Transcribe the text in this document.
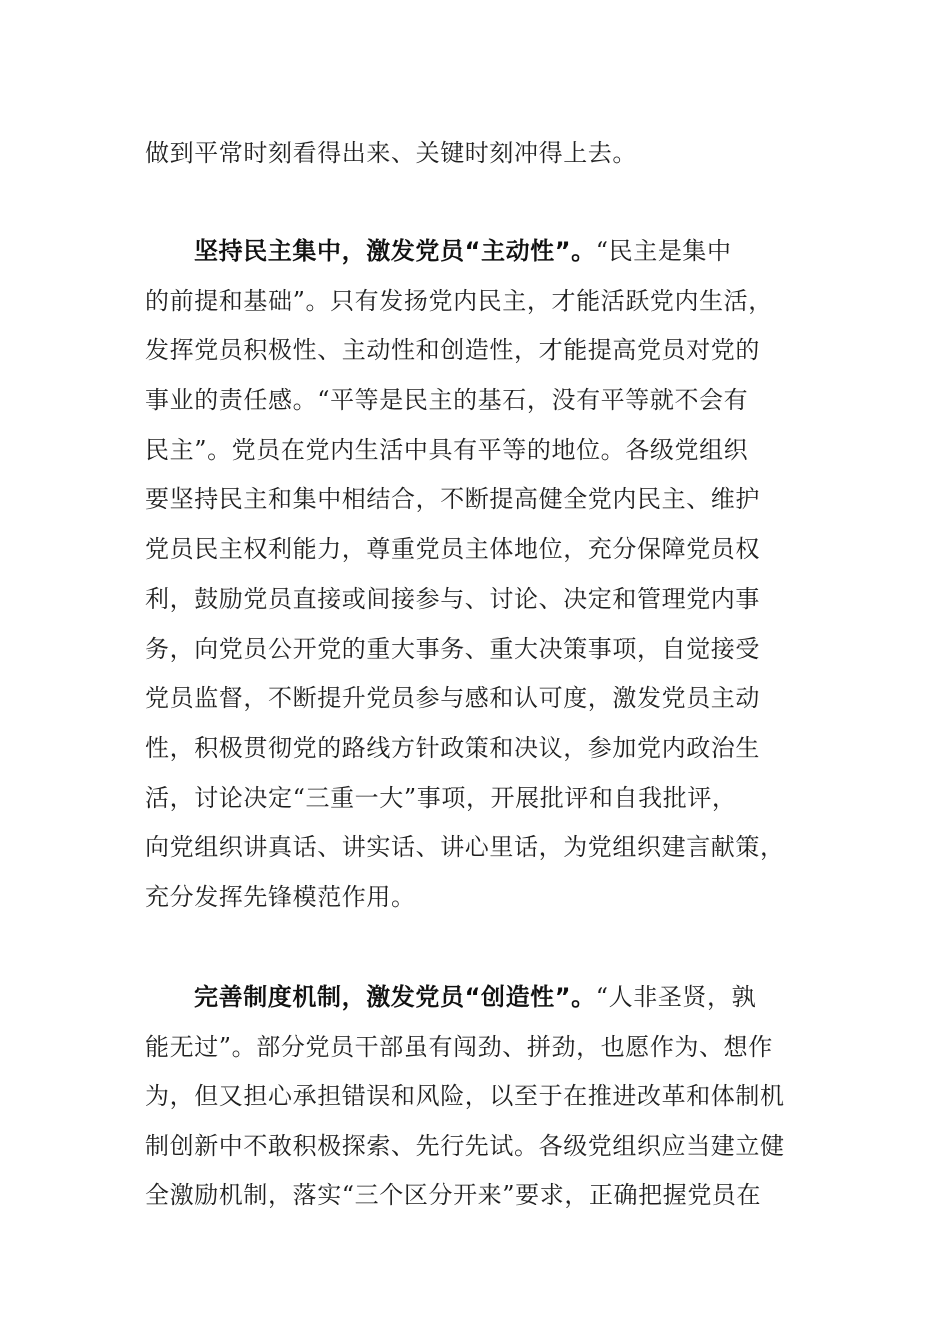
做到平常时刻看得出来、关键时刻冲得上去。
坚持民主集中，激发党员“主动性”。“民主是集中
的前提和基础”。只有发扬党内民主，才能活跃党内生活，
发挥党员积极性、主动性和创造性，才能提高党员对党的
事业的责任感。“平等是民主的基石，没有平等就不会有
民主”。党员在党内生活中具有平等的地位。各级党组织
要坚持民主和集中相结合，不断提高健全党内民主、维护
党员民主权利能力，尊重党员主体地位，充分保障党员权
利，鼓励党员直接或间接参与、讨论、决定和管理党内事
务，向党员公开党的重大事务、重大决策事项，自觉接受
党员监督，不断提升党员参与感和认可度，激发党员主动
性，积极贯彻党的路线方针政策和决议，参加党内政治生
活，讨论决定“三重一大”事项，开展批评和自我批评，
向党组织讲真话、讲实话、讲心里话，为党组织建言献策，
充分发挥先锋模范作用。
完善制度机制，激发党员“创造性”。“人非圣贤，孰
能无过”。部分党员干部虽有闯劲、拼劲，也愿作为、想作
为，但又担心承担错误和风险，以至于在推进改革和体制机
制创新中不敢积极探索、先行先试。各级党组织应当建立健
全激励机制，落实“三个区分开来”要求，正确把握党员在
